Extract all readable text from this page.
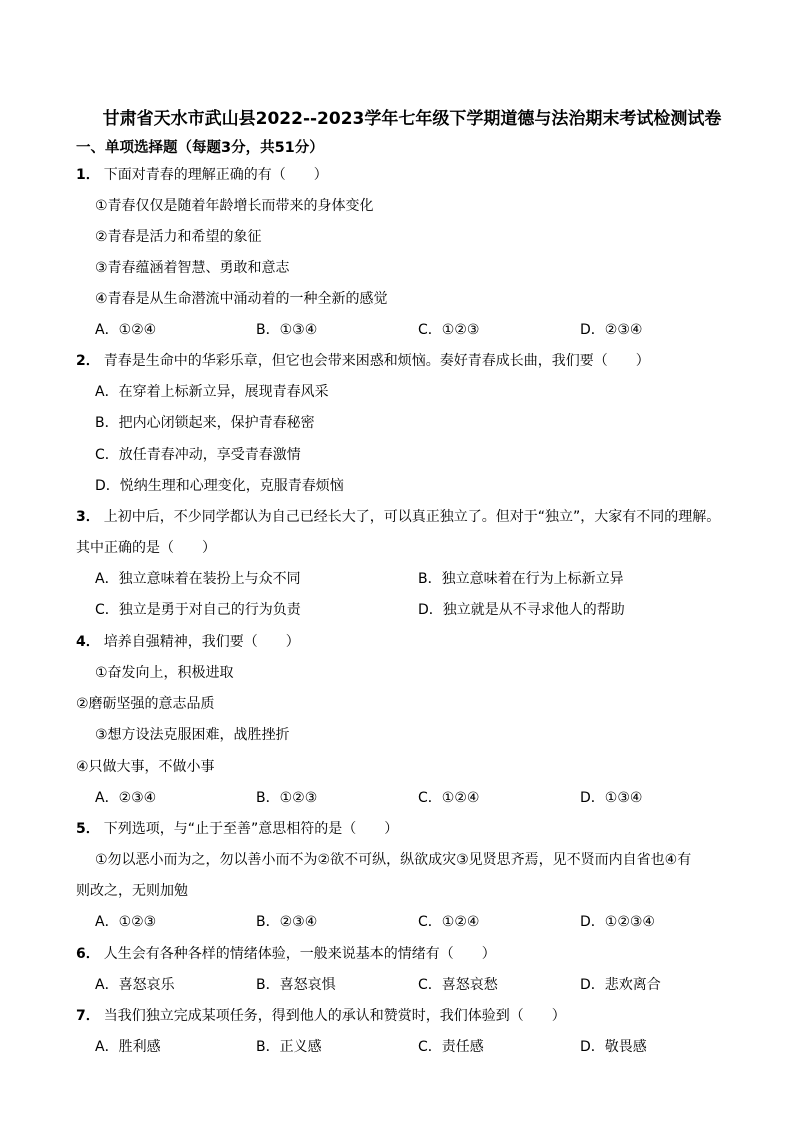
甘肃省天水市武山县2022--2023学年七年级下学期道德与法治期末考试检测试卷
一、单项选择题（每题3分，共51分）
1． 下面对青春的理解正确的有（　　）
①青春仅仅是随着年龄增长而带来的身体变化
②青春是活力和希望的象征
③青春蕴涵着智慧、勇敢和意志
④青春是从生命潜流中涌动着的一种全新的感觉
A．①②④	B．①③④	C．①②③	D．②③④
2． 青春是生命中的华彩乐章，但它也会带来困惑和烦恼。奏好青春成长曲，我们要（　　）
A．在穿着上标新立异，展现青春风采
B．把内心闭锁起来，保护青春秘密
C．放任青春冲动，享受青春激情
D．悦纳生理和心理变化，克服青春烦恼
3． 上初中后，不少同学都认为自己已经长大了，可以真正独立了。但对于“独立”，大家有不同的理解。
其中正确的是（　　）
A．独立意味着在装扮上与众不同	B．独立意味着在行为上标新立异
C．独立是勇于对自己的行为负责	D．独立就是从不寻求他人的帮助
4． 培养自强精神，我们要（　　）
①奋发向上，积极进取
②磨砺坚强的意志品质
③想方设法克服困难，战胜挫折
④只做大事，不做小事
A．②③④	B．①②③	C．①②④	D．①③④
5． 下列选项，与“止于至善”意思相符的是（　　）
①勿以恶小而为之，勿以善小而不为②欲不可纵，纵欲成灾③见贤思齐焉，见不贤而内自省也④有
则改之，无则加勉
A．①②③	B．②③④	C．①②④	D．①②③④
6． 人生会有各种各样的情绪体验，一般来说基本的情绪有（　　）
A．喜怒哀乐	B．喜怒哀惧	C．喜怒哀愁	D．悲欢离合
7． 当我们独立完成某项任务，得到他人的承认和赞赏时，我们体验到（　　）
A．胜利感	B．正义感	C．责任感	D．敬畏感
